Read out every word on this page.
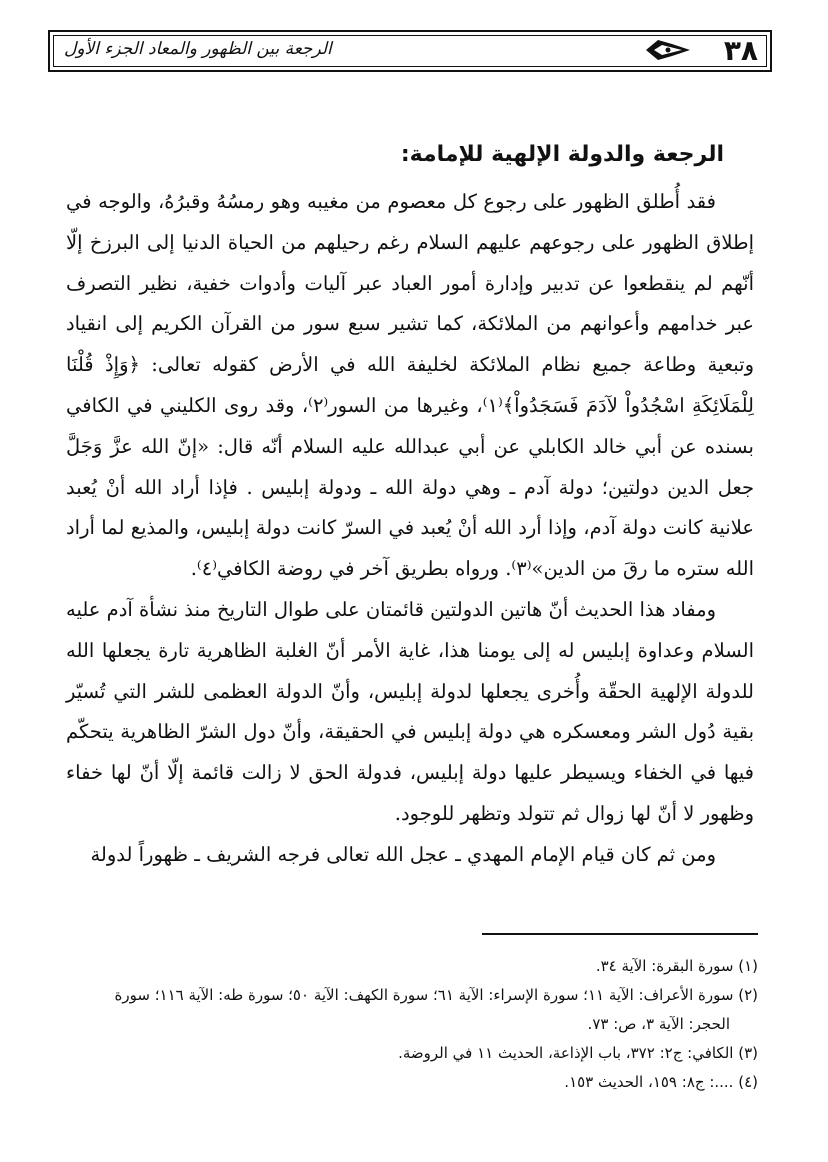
الرجعة بين الظهور والمعاد الجزء الأول	٣٨
الرجعة والدولة الإلهية للإمامة:

فقد أُطلق الظهور على رجوع كل معصوم من مغيبه وهو رمسُهُ وقبرُهُ، والوجه في إطلاق الظهور على رجوعهم عليهم السلام رغم رحيلهم من الحياة الدنيا إلى البرزخ إلّا أنّهم لم ينقطعوا عن تدبير وإدارة أمور العباد عبر آليات وأدوات خفية، نظير التصرف عبر خدامهم وأعوانهم من الملائكة، كما تشير سبع سور من القرآن الكريم إلى انقياد وتبعية وطاعة جميع نظام الملائكة لخليفة الله في الأرض كقوله تعالى: ﴿وَإِذْ قُلْنَا لِلْمَلَائِكَةِ اسْجُدُواْ لآدَمَ فَسَجَدُواْ﴾⁽١⁾، وغيرها من السور⁽٢⁾، وقد روى الكليني في الكافي بسنده عن أبي خالد الكابلي عن أبي عبدالله عليه السلام أنّه قال: «إنّ الله عزَّ وَجَلَّ جعل الدين دولتين؛ دولة آدم ـ وهي دولة الله ـ ودولة إبليس . فإذا أراد الله أنْ يُعبد علانية كانت دولة آدم، وإذا أرد الله أنْ يُعبد في السرّ كانت دولة إبليس، والمذيع لما أراد الله ستره ما رقَ من الدين»⁽٣⁾. ورواه بطريق آخر في روضة الكافي⁽٤⁾.

ومفاد هذا الحديث أنّ هاتين الدولتين قائمتان على طوال التاريخ منذ نشأة آدم عليه السلام وعداوة إبليس له إلى يومنا هذا، غاية الأمر أنّ الغلبة الظاهرية تارة يجعلها الله للدولة الإلهية الحقّة وأُخرى يجعلها لدولة إبليس، وأنّ الدولة العظمى للشر التي تُسيّر بقية دُول الشر ومعسكره هي دولة إبليس في الحقيقة، وأنّ دول الشرّ الظاهرية يتحكّم فيها في الخفاء ويسيطر عليها دولة إبليس، فدولة الحق لا زالت قائمة إلّا أنّ لها خفاء وظهور لا أنّ لها زوال ثم تتولد وتظهر للوجود.

ومن ثم كان قيام الإمام المهدي ـ عجل الله تعالى فرجه الشريف ـ ظهوراً لدولة

(١) سورة البقرة: الآية ٣٤.

(٢) سورة الأعراف: الآية ١١؛ سورة الإسراء: الآية ٦١؛ سورة الكهف: الآية ٥٠؛ سورة طه: الآية ١١٦؛ سورة

الحجر: الآية ٣، ص: ٧٣.

(٣) الكافي: ج٢: ٣٧٢، باب الإذاعة، الحديث ١١ في الروضة.

(٤) ....: ج٨: ١٥٩، الحديث ١٥٣.
